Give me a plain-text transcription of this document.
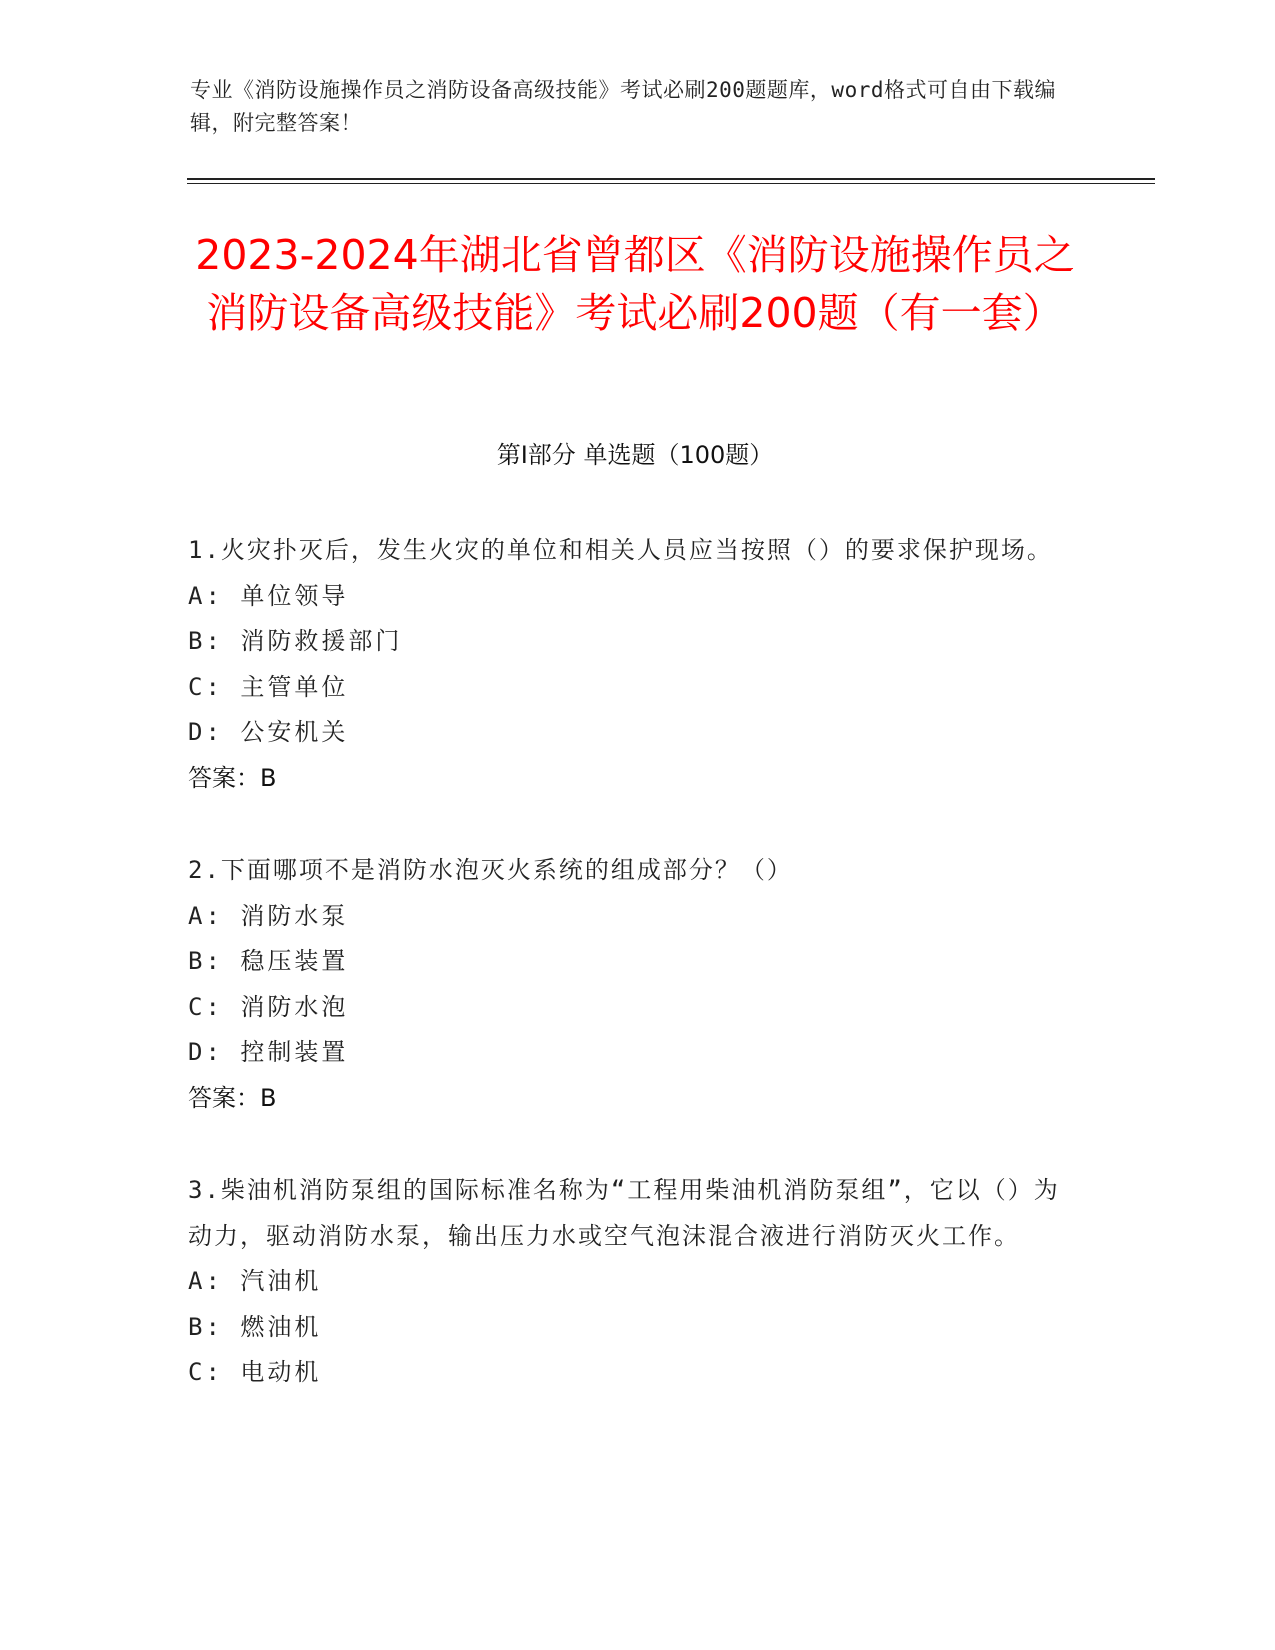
专业《消防设施操作员之消防设备高级技能》考试必刷200题题库，word格式可自由下载编辑，附完整答案！
2023-2024年湖北省曾都区《消防设施操作员之消防设备高级技能》考试必刷200题（有一套）
第Ⅰ部分 单选题（100题）

1.火灾扑灭后，发生火灾的单位和相关人员应当按照（）的要求保护现场。

A: 单位领导

B: 消防救援部门

C: 主管单位

D: 公安机关

答案：B

2.下面哪项不是消防水泡灭火系统的组成部分？（）

A: 消防水泵

B: 稳压装置

C: 消防水泡

D: 控制装置

答案：B

3.柴油机消防泵组的国际标准名称为“工程用柴油机消防泵组”，它以（）为动力，驱动消防水泵，输出压力水或空气泡沫混合液进行消防灭火工作。

A: 汽油机

B: 燃油机

C: 电动机
